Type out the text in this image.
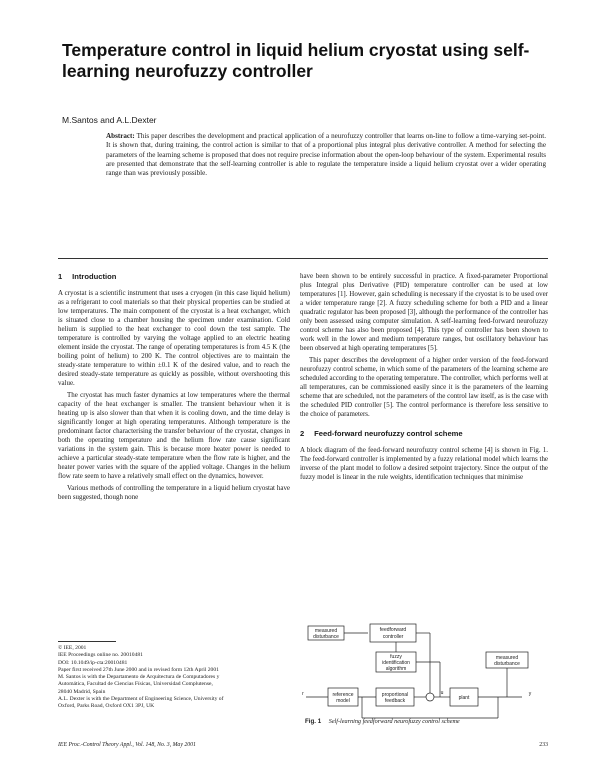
Temperature control in liquid helium cryostat using self-learning neurofuzzy controller
M.Santos and A.L.Dexter

Abstract: This paper describes the development and practical application of a neurofuzzy controller that learns on-line to follow a time-varying set-point. It is shown that, during training, the control action is similar to that of a proportional plus integral plus derivative controller. A method for selecting the parameters of the learning scheme is proposed that does not require precise information about the open-loop behaviour of the system. Experimental results are presented that demonstrate that the self-learning controller is able to regulate the temperature inside a liquid helium cryostat over a wider operating range than was previously possible.

1 Introduction

A cryostat is a scientific instrument that uses a cryogen (in this case liquid helium) as a refrigerant to cool materials so that their physical properties can be studied at low temperatures. The main component of the cryostat is a heat exchanger, which is situated close to a chamber housing the specimen under examination. Cold helium is supplied to the heat exchanger to cool down the test sample. The temperature is controlled by varying the voltage applied to an electric heating element inside the cryostat. The range of operating temperatures is from 4.5 K (the boiling point of helium) to 200 K. The control objectives are to maintain the steady-state temperature to within ±0.1 K of the desired value, and to reach the desired steady-state temperature as quickly as possible, without overshooting this value.

The cryostat has much faster dynamics at low temperatures where the thermal capacity of the heat exchanger is smaller. The transient behaviour when it is heating up is also slower than that when it is cooling down, and the time delay is significantly longer at high operating temperatures. Although temperature is the predominant factor characterising the transfer behaviour of the cryostat, changes in both the operating temperature and the helium flow rate cause significant variations in the system gain. This is because more heater power is needed to achieve a particular steady-state temperature when the flow rate is higher, and the heater power varies with the square of the applied voltage. Changes in the helium flow rate seem to have a relatively small effect on the dynamics, however.

Various methods of controlling the temperature in a liquid helium cryostat have been suggested, though none

© IEE, 2001
IEE Proceedings online no. 20010481
DOI: 10.1049/ip-cta:20010481
Paper first received 27th June 2000 and in revised form 12th April 2001
M. Santos is with the Departamento de Arquitectura de Computadores y
Automática, Facultad de Ciencias Físicas, Universidad Complutense,
28040 Madrid, Spain
A.L. Dexter is with the Department of Engineering Science, University of
Oxford, Parks Road, Oxford OX1 3PJ, UK

have been shown to be entirely successful in practice. A fixed-parameter Proportional plus Integral plus Derivative (PID) temperature controller can be used at low temperatures [1]. However, gain scheduling is necessary if the cryostat is to be used over a wider temperature range [2]. A fuzzy scheduling scheme for both a PID and a linear quadratic regulator has been proposed [3], although the performance of the controller has only been assessed using computer simulation. A self-learning feed-forward neurofuzzy control scheme has also been proposed [4]. This type of controller has been shown to work well in the lower and medium temperature ranges, but oscillatory behaviour has been observed at high operating temperatures [5].

This paper describes the development of a higher order version of the feed-forward neurofuzzy control scheme, in which some of the parameters of the learning scheme are scheduled according to the operating temperature. The controller, which performs well at all temperatures, can be commissioned easily since it is the parameters of the learning scheme that are scheduled, not the parameters of the control law itself, as is the case with the scheduled PID controller [5]. The control performance is therefore less sensitive to the choice of parameters.

2 Feed-forward neurofuzzy control scheme

A block diagram of the feed-forward neurofuzzy control scheme [4] is shown in Fig. 1. The feed-forward controller is implemented by a fuzzy relational model which learns the inverse of the plant model to follow a desired setpoint trajectory. Since the output of the fuzzy model is linear in the rule weights, identification techniques that minimise

measured
disturbance
feedforward
controller
fuzzy
identification
algorithm
reference
model
proportional
feedback	plant
measured
disturbance
r	y
u
Fig. 1 Self-learning feedforward neurofuzzy control scheme
IEE Proc.-Control Theory Appl., Vol. 148, No. 3, May 2001	233
